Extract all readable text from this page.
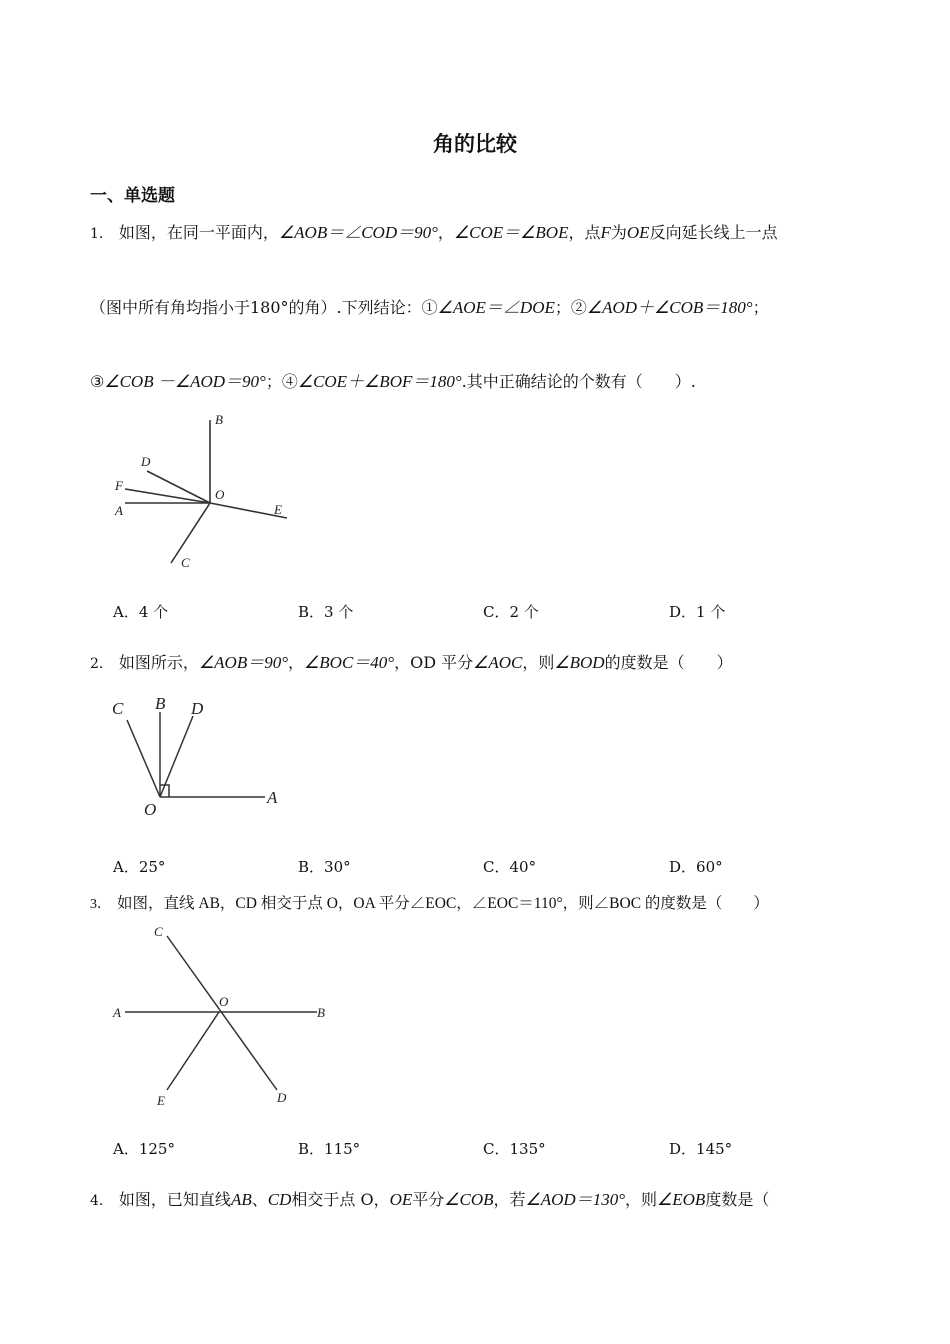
角的比较
一、单选题
1． 如图，在同一平面内，∠AOB＝∠COD＝90°，∠COE＝∠BOE，点F为OE反向延长线上一点
（图中所有角均指小于180°的角）.下列结论：①∠AOE＝∠DOE；②∠AOD＋∠COB＝180°；
③∠COB －∠AOD＝90°；④∠COE＋∠BOF＝180°.其中正确结论的个数有（　　）.
B
D
F
O
A	E
C
A．4 个	B．3 个	C．2 个	D．1 个
2． 如图所示，∠AOB＝90°，∠BOC＝40°，OD 平分∠AOC，则∠BOD的度数是（　　）
C B D
O
A
A．25°	B．30°	C．40°	D．60°
3． 如图，直线 AB，CD 相交于点 O，OA 平分∠EOC，∠EOC＝110°，则∠BOC 的度数是（　　）
C
A
O
B
E	D
A．125°	B．115°	C．135°	D．145°
4． 如图，已知直线AB、CD相交于点 O，OE平分∠COB，若∠AOD＝130°，则∠EOB度数是（
